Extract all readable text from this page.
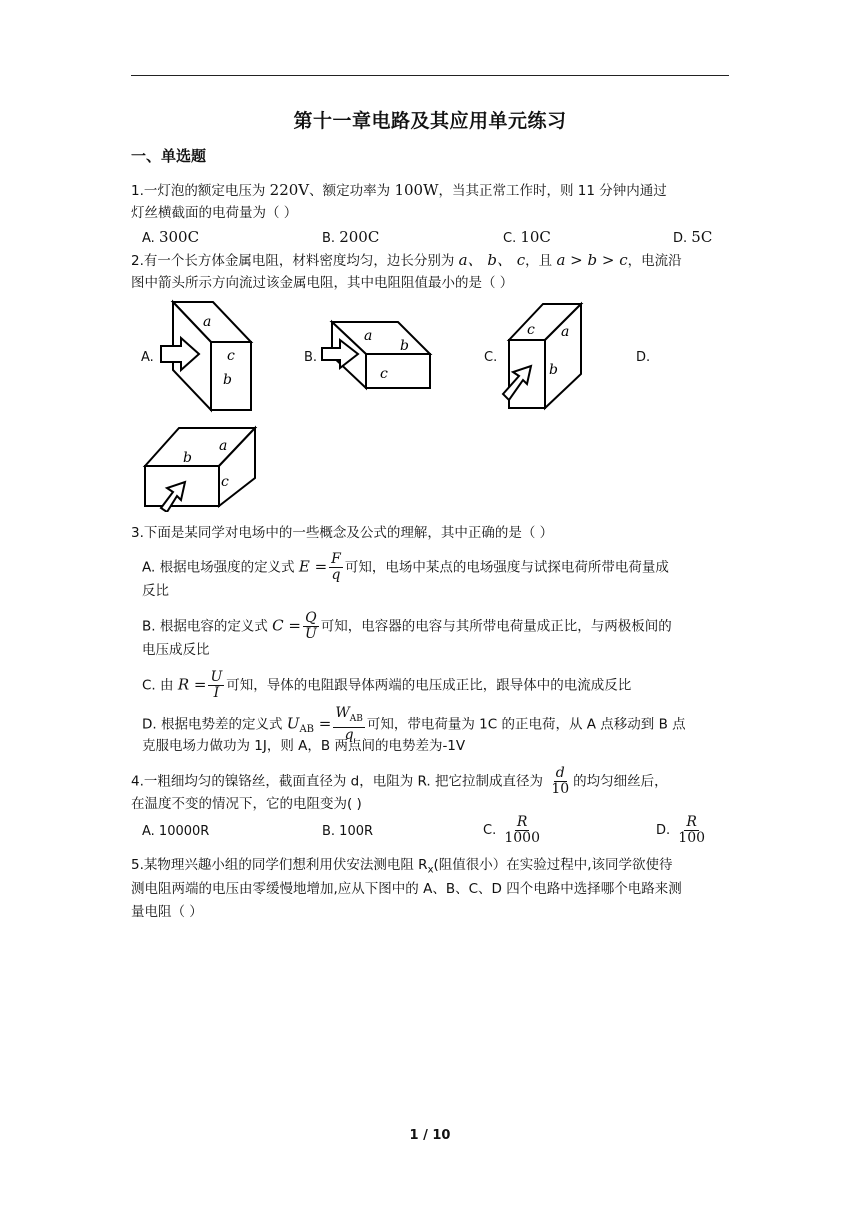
第十一章电路及其应用单元练习
一、单选题
1.一灯泡的额定电压为 220V、额定功率为 100W，当其正常工作时，则 11 分钟内通过
灯丝横截面的电荷量为（ ）
A. 300C	B. 200C	C. 10C	D. 5C
2.有一个长方体金属电阻，材料密度均匀，边长分别为 a、 b、 c，且 a > b > c，电流沿
图中箭头所示方向流过该金属电阻，其中电阻阻值最小的是（ ）
A.	B.	C.	D.
a
c
b
a
b
c
c a
b
b
a
c
3.下面是某同学对电场中的一些概念及公式的理解，其中正确的是（ ）
A. 根据电场强度的定义式 $E = \frac{F}{q}$ 可知，电场中某点的电场强度与试探电荷所带电荷量成
反比
B. 根据电容的定义式 $C = \frac{Q}{U}$ 可知，电容器的电容与其所带电荷量成正比，与两极板间的
电压成反比
C. 由 $R = \frac{U}{I}$ 可知，导体的电阻跟导体两端的电压成正比，跟导体中的电流成反比
D. 根据电势差的定义式 $U_{AB} = \frac{W_{AB}}{q}$ 可知，带电荷量为 1C 的正电荷，从 A 点移动到 B 点
克服电场力做功为 1J，则 A，B 两点间的电势差为-1V
4.一粗细均匀的镍铬丝，截面直径为 d，电阻为 R. 把它拉制成直径为 $\frac{d}{10}$ 的均匀细丝后，
在温度不变的情况下，它的电阻变为( )
A. 10000R	B. 100R	C. $\frac{R}{1000}$	D. $\frac{R}{100}$
5.某物理兴趣小组的同学们想利用伏安法测电阻 $R_x$(阻值很小）在实验过程中,该同学欲使待
测电阻两端的电压由零缓慢地增加,应从下图中的 A、B、C、D 四个电路中选择哪个电路来测
量电阻（ ）
1 / 10
